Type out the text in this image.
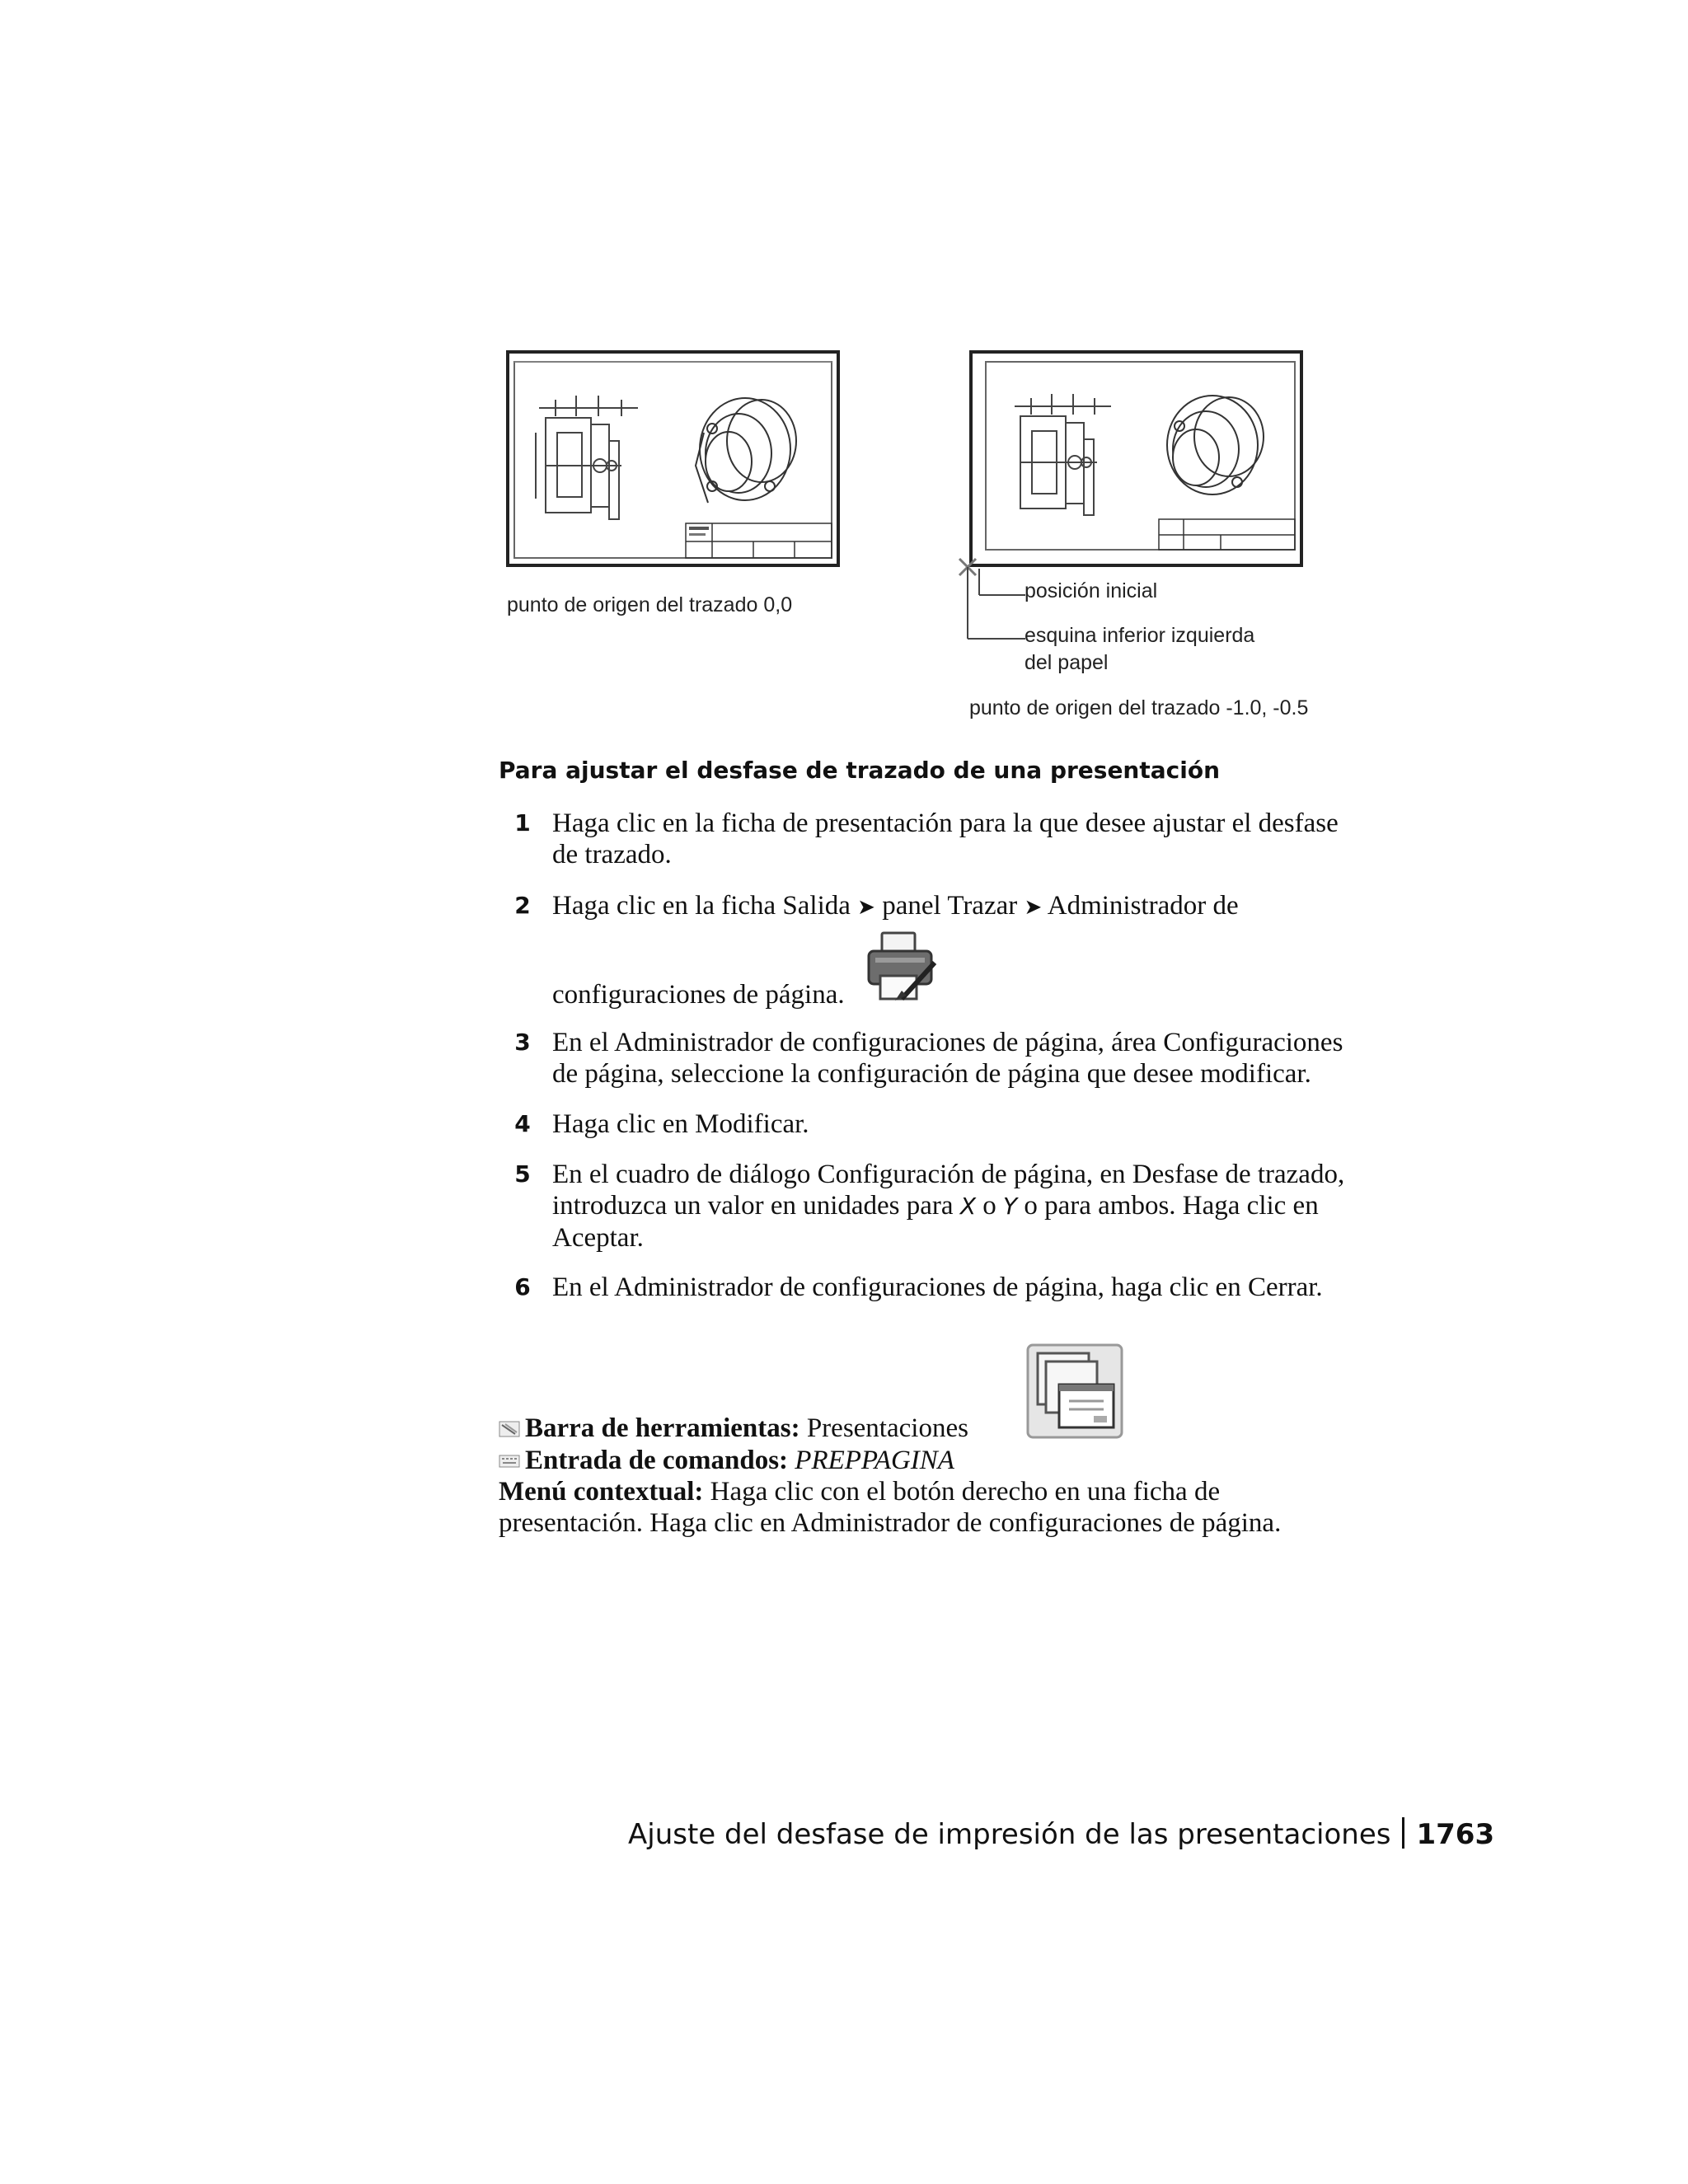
punto de origen del trazado 0,0
posición inicial
esquina inferior izquierda
del papel
punto de origen del trazado -1.0, -0.5
Para ajustar el desfase de trazado de una presentación
1 Haga clic en la ficha de presentación para la que desee ajustar el desfase
de trazado.
2 Haga clic en la ficha Salida ➤ panel Trazar ➤ Administrador de
configuraciones de página.
3 En el Administrador de configuraciones de página, área Configuraciones
de página, seleccione la configuración de página que desee modificar.
4 Haga clic en Modificar.
5 En el cuadro de diálogo Configuración de página, en Desfase de trazado,
introduzca un valor en unidades para X o Y o para ambos. Haga clic en
Aceptar.
6 En el Administrador de configuraciones de página, haga clic en Cerrar.
Barra de herramientas: Presentaciones
Entrada de comandos: PREPPAGINA
Menú contextual: Haga clic con el botón derecho en una ficha de
presentación. Haga clic en Administrador de configuraciones de página.
Ajuste del desfase de impresión de las presentaciones 1763
